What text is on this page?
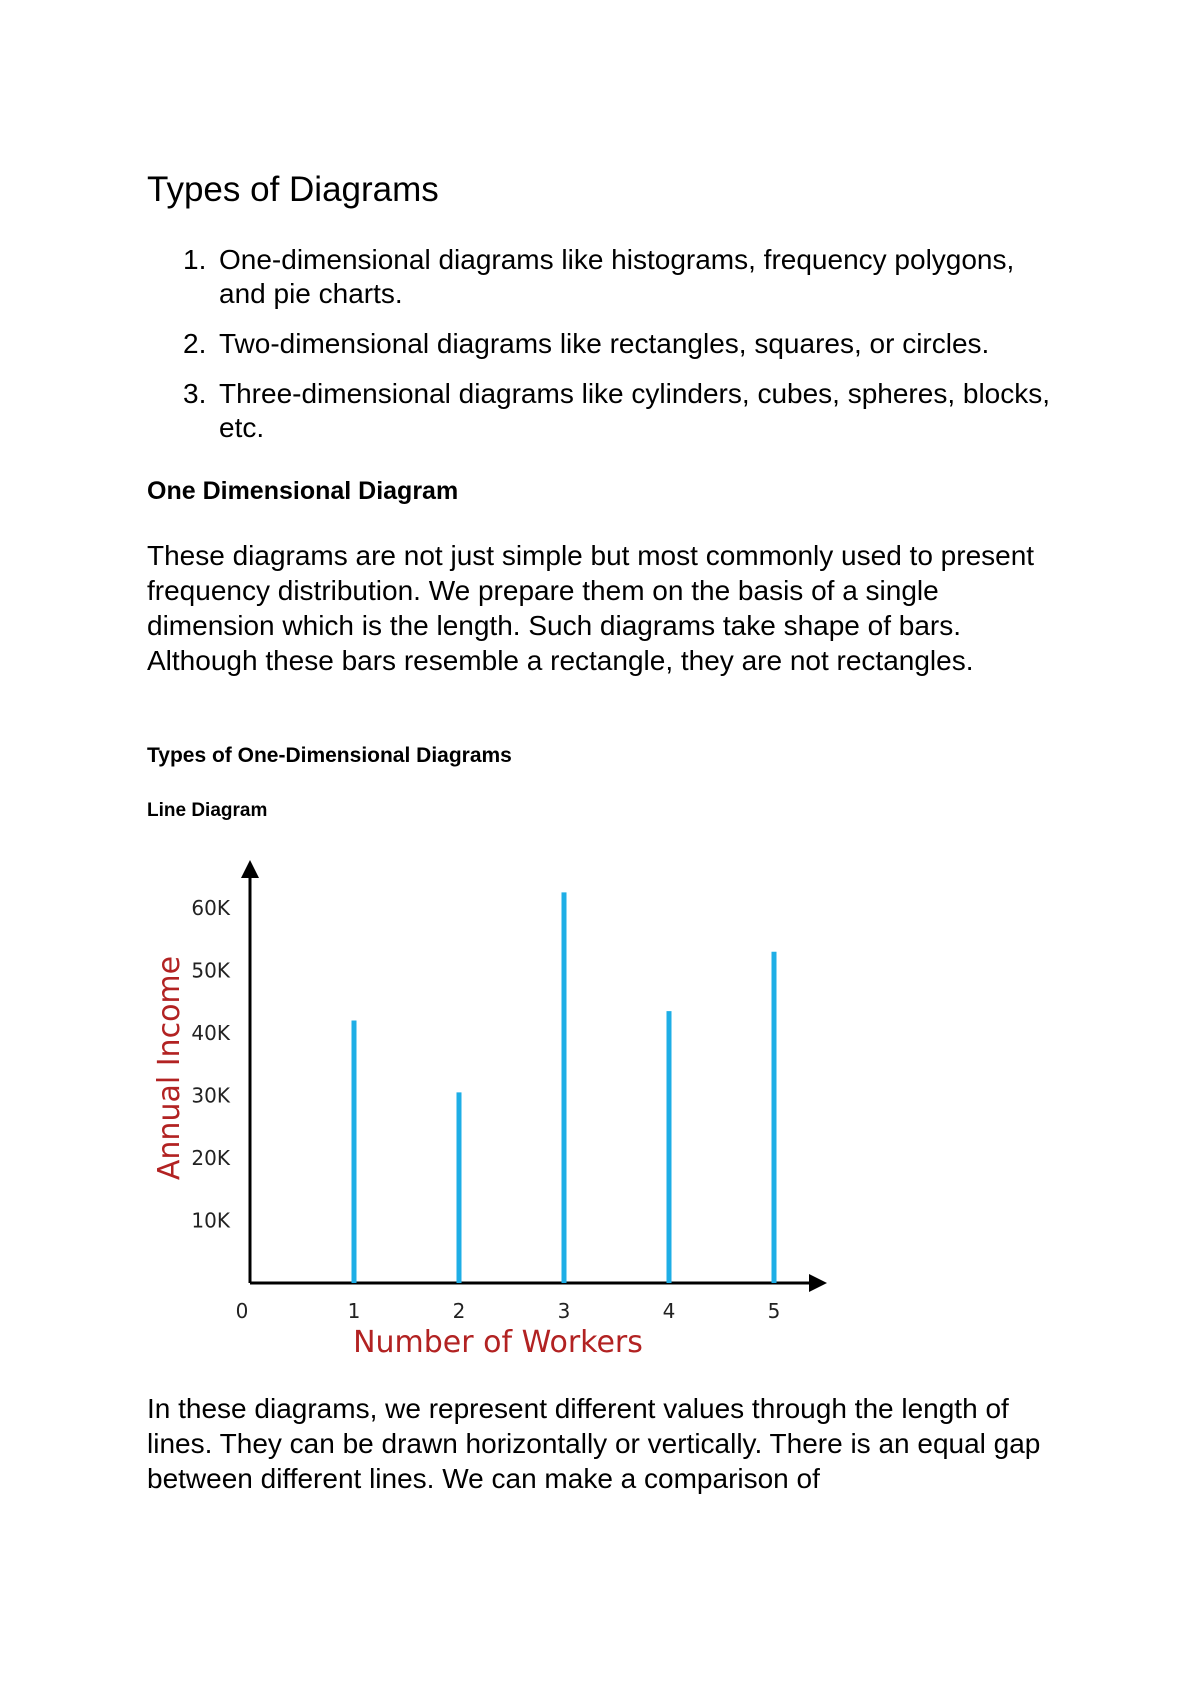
Types of Diagrams
1. One-dimensional diagrams like histograms, frequency polygons, and pie charts.
2. Two-dimensional diagrams like rectangles, squares, or circles.
3. Three-dimensional diagrams like cylinders, cubes, spheres, blocks, etc.
One Dimensional Diagram

These diagrams are not just simple but most commonly used to present frequency distribution. We prepare them on the basis of a single dimension which is the length. Such diagrams take shape of bars. Although these bars resemble a rectangle, they are not rectangles.

Types of One-Dimensional Diagrams
Line Diagram
10K
20K
30K
40K
50K
60K
0	1	2	3	4	5
Annual Income
Number of Workers

In these diagrams, we represent different values through the length of lines. They can be drawn horizontally or vertically. There is an equal gap between different lines. We can make a comparison of
